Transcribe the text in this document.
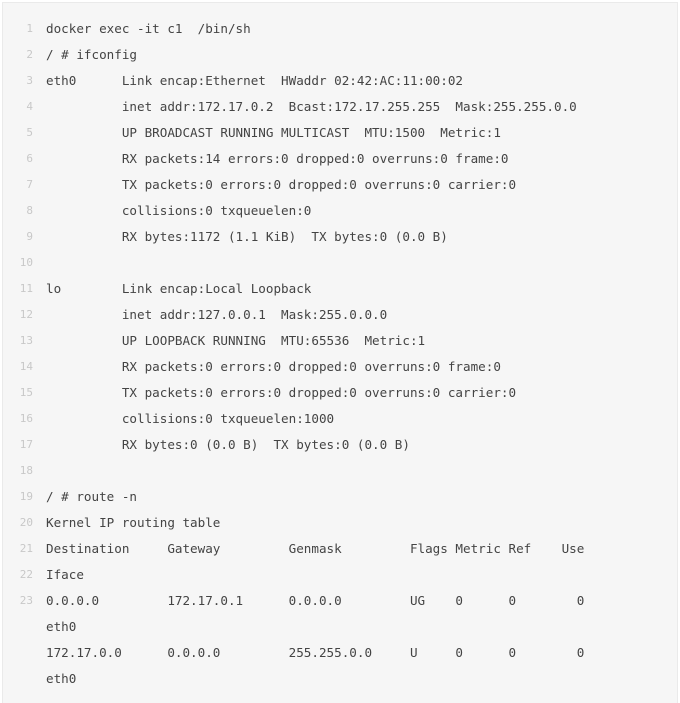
1 docker exec -it c1  /bin/sh
2 / # ifconfig
3 eth0      Link encap:Ethernet  HWaddr 02:42:AC:11:00:02
4 inet addr:172.17.0.2  Bcast:172.17.255.255  Mask:255.255.0.0
5 UP BROADCAST RUNNING MULTICAST  MTU:1500  Metric:1
6 RX packets:14 errors:0 dropped:0 overruns:0 frame:0
7 TX packets:0 errors:0 dropped:0 overruns:0 carrier:0
8 collisions:0 txqueuelen:0
9 RX bytes:1172 (1.1 KiB)  TX bytes:0 (0.0 B)
10
11 lo        Link encap:Local Loopback
12 inet addr:127.0.0.1  Mask:255.0.0.0
13 UP LOOPBACK RUNNING  MTU:65536  Metric:1
14 RX packets:0 errors:0 dropped:0 overruns:0 frame:0
15 TX packets:0 errors:0 dropped:0 overruns:0 carrier:0
16 collisions:0 txqueuelen:1000
17 RX bytes:0 (0.0 B)  TX bytes:0 (0.0 B)
18
19 / # route -n
20 Kernel IP routing table
21 Destination     Gateway         Genmask         Flags Metric Ref    Use
22 Iface
23 0.0.0.0         172.17.0.1      0.0.0.0         UG    0      0        0
eth0
172.17.0.0      0.0.0.0         255.255.0.0     U     0      0        0
eth0
